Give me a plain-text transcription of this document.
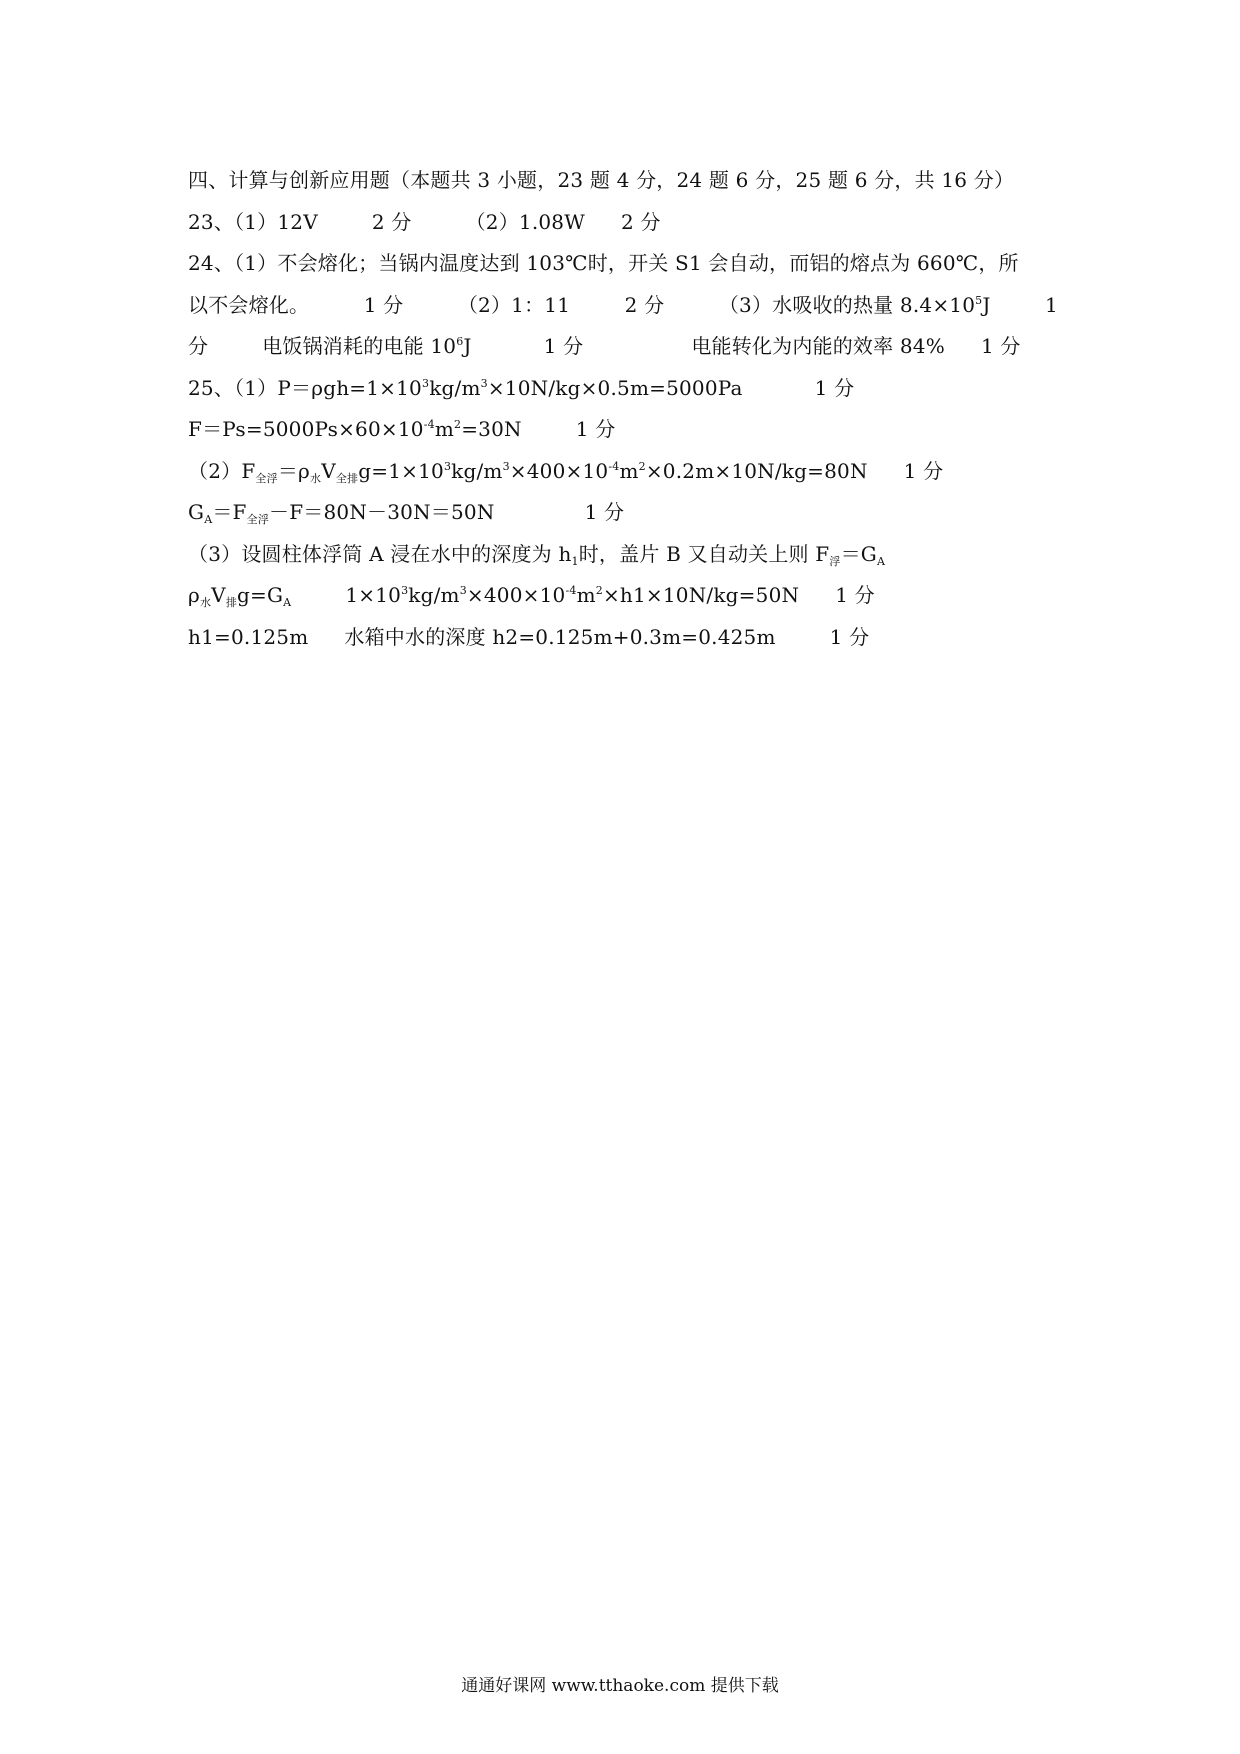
四、计算与创新应用题（本题共 3 小题，23 题 4 分，24 题 6 分，25 题 6 分，共 16 分）
23、（1）12V	2 分	（2）1.08W 2 分
24、（1）不会熔化；当锅内温度达到 103℃时，开关 S1 会自动，而铝的熔点为 660℃，所
以不会熔化。	1 分	（2）1：11	2 分	（3）水吸收的热量 $8.4\times 10^5J$	1
分	电饭锅消耗的电能 $10^6J$	1 分	电能转化为内能的效率 84% 1 分
25、$(1)P=\rho gh=1\times 10^3kg/m^3\times 10N/kg\times 0.5m=5000Pa$	1 分
$F=Ps=5000Ps\times 60\times 10^{-4}m^2=30N$	1 分
$(2)F_{全浮}=\rho_水V_{全排}g=1\times 10^3kg/m^3\times 400\times 10^{-4}m^2\times 0.2m\times 10N/kg=80N$ 1 分
$G_A=F_{全浮}-F=80N-30N=50N$	1 分
（3）设圆柱体浮筒 A 浸在水中的深度为 $h_1$时，盖片 B 又自动关上则 $F_浮=G_A$
$\rho_水V_排g=G_A$	$1\times 10^3kg/m^3\times 400\times 10^{-4}m^2\times h1\times 10N/kg=50N$ 1 分
h1=0.125m 水箱中水的深度 h2=0.125m+0.3m=0.425m	1 分
通通好课网 www.tthaoke.com 提供下载
